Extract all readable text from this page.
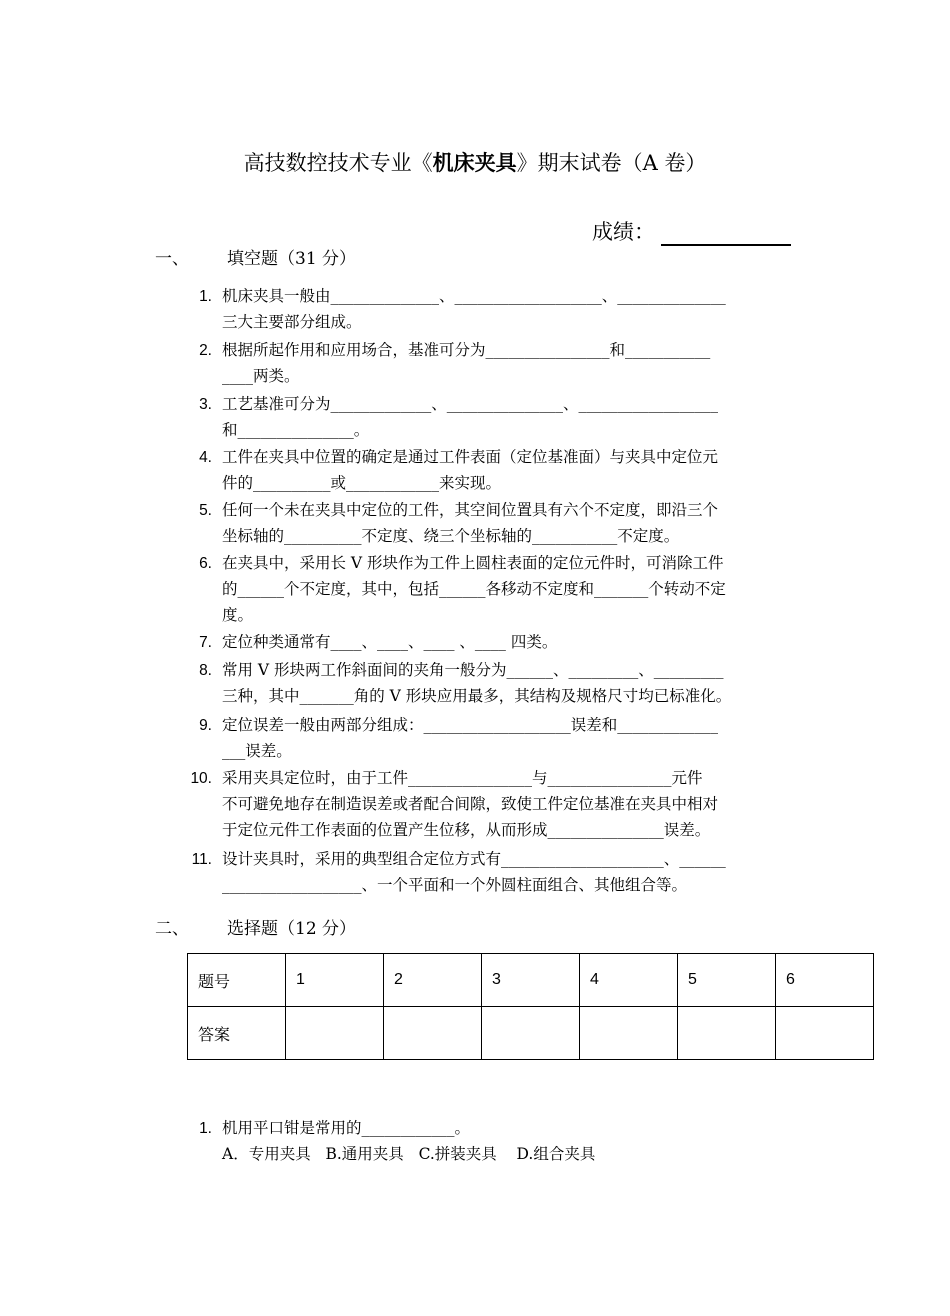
高技数控技术专业《机床夹具》期末试卷（A 卷）
成绩：
一、 填空题（31 分）
1. 机床夹具一般由______________、___________________、______________
三大主要部分组成。
2. 根据所起作用和应用场合，基准可分为________________和___________
____两类。
3. 工艺基准可分为_____________、_______________、__________________
和_______________。
4. 工件在夹具中位置的确定是通过工件表面（定位基准面）与夹具中定位元
件的__________或____________来实现。
5. 任何一个未在夹具中定位的工件，其空间位置具有六个不定度，即沿三个
坐标轴的__________不定度、绕三个坐标轴的___________不定度。
6. 在夹具中，采用长 V 形块作为工件上圆柱表面的定位元件时，可消除工件
的______个不定度，其中，包括______各移动不定度和_______个转动不定
度。
7. 定位种类通常有____、____、____ 、____ 四类。
8. 常用 V 形块两工作斜面间的夹角一般分为______、_________、_________
三种，其中_______角的 V 形块应用最多，其结构及规格尺寸均已标准化。
9. 定位误差一般由两部分组成：___________________误差和_____________
___误差。
10. 采用夹具定位时，由于工件________________与________________元件
不可避免地存在制造误差或者配合间隙，致使工件定位基准在夹具中相对
于定位元件工作表面的位置产生位移，从而形成_______________误差。
11. 设计夹具时，采用的典型组合定位方式有_____________________、______
__________________、一个平面和一个外圆柱面组合、其他组合等。
二、 选择题（12 分）
题号	1	2	3	4	5	6
答案						
1. 机用平口钳是常用的____________。
A．专用夹具   B.通用夹具   C.拼装夹具    D.组合夹具
